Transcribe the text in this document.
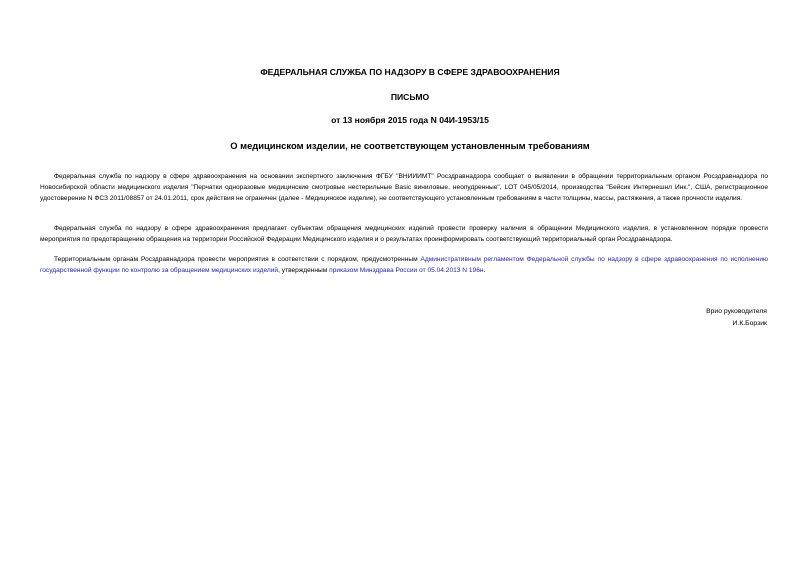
ФЕДЕРАЛЬНАЯ СЛУЖБА ПО НАДЗОРУ В СФЕРЕ ЗДРАВООХРАНЕНИЯ
ПИСЬМО
от 13 ноября 2015 года N 04И-1953/15
О медицинском изделии, не соответствующем установленным требованиям

Федеральная служба по надзору в сфере здравоохранения на основании экспертного заключения ФГБУ "ВНИИИМТ" Росздравнадзора сообщает о выявлении в обращении территориальным органом Росздравнадзора по Новосибирской области медицинского изделия "Перчатки одноразовые медицинские смотровые нестерильные Basic виниловые, неопудренные", LOT 045/05/2014, производства "Бейсик Интернешнл Инк.", США, регистрационное удостоверение N ФСЗ 2011/08857 от 24.01.2011, срок действия не ограничен (далее - Медицинское изделие), не соответствующего установленным требованиям в части толщины, массы, растяжения, а также прочности изделия.

Федеральная служба по надзору в сфере здравоохранения предлагает субъектам обращения медицинских изделий провести проверку наличия в обращении Медицинского изделия, в установленном порядке провести мероприятия по предотвращению обращения на территории Российской Федерации Медицинского изделия и о результатах проинформировать соответствующий территориальный орган Росздравнадзора.

Территориальным органам Росздравнадзора провести мероприятия в соответствии с порядком, предусмотренным Административным регламентом Федеральной службы по надзору в сфере здравоохранения по исполнению государственной функции по контролю за обращением медицинских изделий, утвержденным приказом Минздрава России от 05.04.2013 N 196н.

Врио руководителя
И.К.Борзик
